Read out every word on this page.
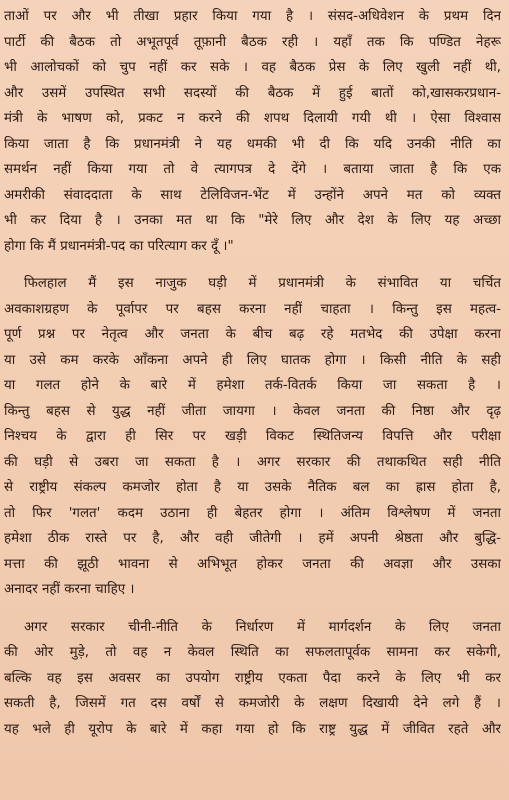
ताओं पर और भी तीखा प्रहार किया गया है । संसद-अधिवेशन के प्रथम दिन
पार्टी की बैठक तो अभूतपूर्व तूफ़ानी बैठक रही । यहाँ तक कि पण्डित नेहरू
भी आलोचकों को चुप नहीं कर सके । वह बैठक प्रेस के लिए खुली नहीं थी,
और उसमें उपस्थित सभी सदस्यों की बैठक में हुई बातों को,खासकरप्रधान-
मंत्री के भाषण को, प्रकट न करने की शपथ दिलायी गयी थी । ऐसा विश्वास
किया जाता है कि प्रधानमंत्री ने यह धमकी भी दी कि यदि उनकी नीति का
समर्थन नहीं किया गया तो वे त्यागपत्र दे देंगे । बताया जाता है कि एक
अमरीकी संवाददाता के साथ टेलिविजन-भेंट में उन्होंने अपने मत को व्यक्त
भी कर दिया है । उनका मत था कि "मेरे लिए और देश के लिए यह अच्छा
होगा कि मैं प्रधानमंत्री-पद का परित्याग कर दूँ ।"
फिलहाल मैं इस नाजुक घड़ी में प्रधानमंत्री के संभावित या चर्चित
अवकाशग्रहण के पूर्वापर पर बहस करना नहीं चाहता । किन्तु इस महत्व-
पूर्ण प्रश्न पर नेतृत्व और जनता के बीच बढ़ रहे मतभेद की उपेक्षा करना
या उसे कम करके आँकना अपने ही लिए घातक होगा । किसी नीति के सही
या गलत होने के बारे में हमेशा तर्क-वितर्क किया जा सकता है ।
किन्तु बहस से युद्ध नहीं जीता जायगा । केवल जनता की निष्ठा और दृढ़
निश्चय के द्वारा ही सिर पर खड़ी विकट स्थितिजन्य विपत्ति और परीक्षा
की घड़ी से उबरा जा सकता है । अगर सरकार की तथाकथित सही नीति
से राष्ट्रीय संकल्प कमजोर होता है या उसके नैतिक बल का ह्रास होता है,
तो फिर 'गलत' कदम उठाना ही बेहतर होगा । अंतिम विश्लेषण में जनता
हमेशा ठीक रास्ते पर है, और वही जीतेगी । हमें अपनी श्रेष्ठता और बुद्धि-
मत्ता की झूठी भावना से अभिभूत होकर जनता की अवज्ञा और उसका
अनादर नहीं करना चाहिए ।
अगर सरकार चीनी-नीति के निर्धारण में मार्गदर्शन के लिए जनता
की ओर मुड़े, तो वह न केवल स्थिति का सफलतापूर्वक सामना कर सकेगी,
बल्कि वह इस अवसर का उपयोग राष्ट्रीय एकता पैदा करने के लिए भी कर
सकती है, जिसमें गत दस वर्षों से कमजोरी के लक्षण दिखायी देने लगे हैं ।
यह भले ही यूरोप के बारे में कहा गया हो कि राष्ट्र युद्ध में जीवित रहते और
